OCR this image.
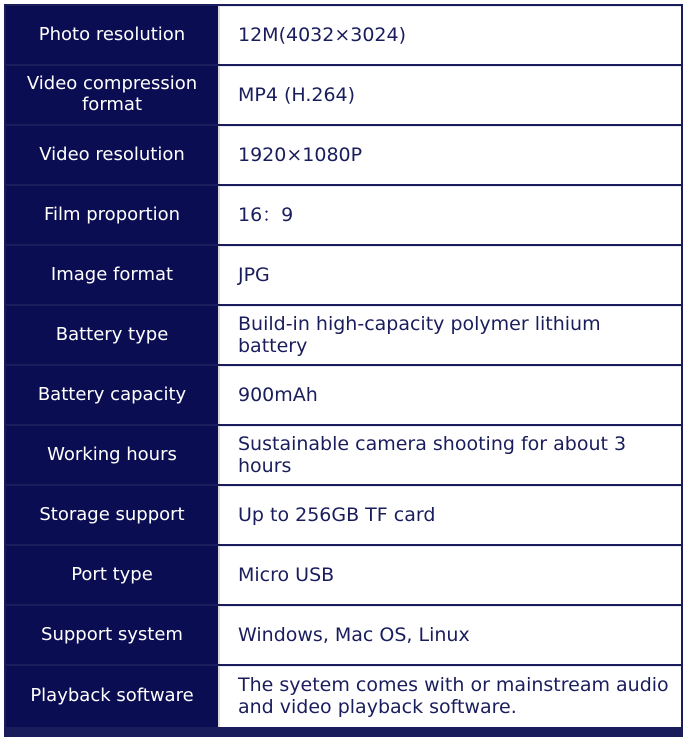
Photo resolution	12M(4032×3024)
Video compression format	MP4 (H.264)
Video resolution	1920×1080P
Film proportion	16：9
Image format	JPG
Battery type	Build-in high-capacity polymer lithium battery
Battery capacity	900mAh
Working hours	Sustainable camera shooting for about 3 hours
Storage support	Up to 256GB TF card
Port type	Micro USB
Support system	Windows, Mac OS, Linux
Playback software	The syetem comes with or mainstream audio and video playback software.
